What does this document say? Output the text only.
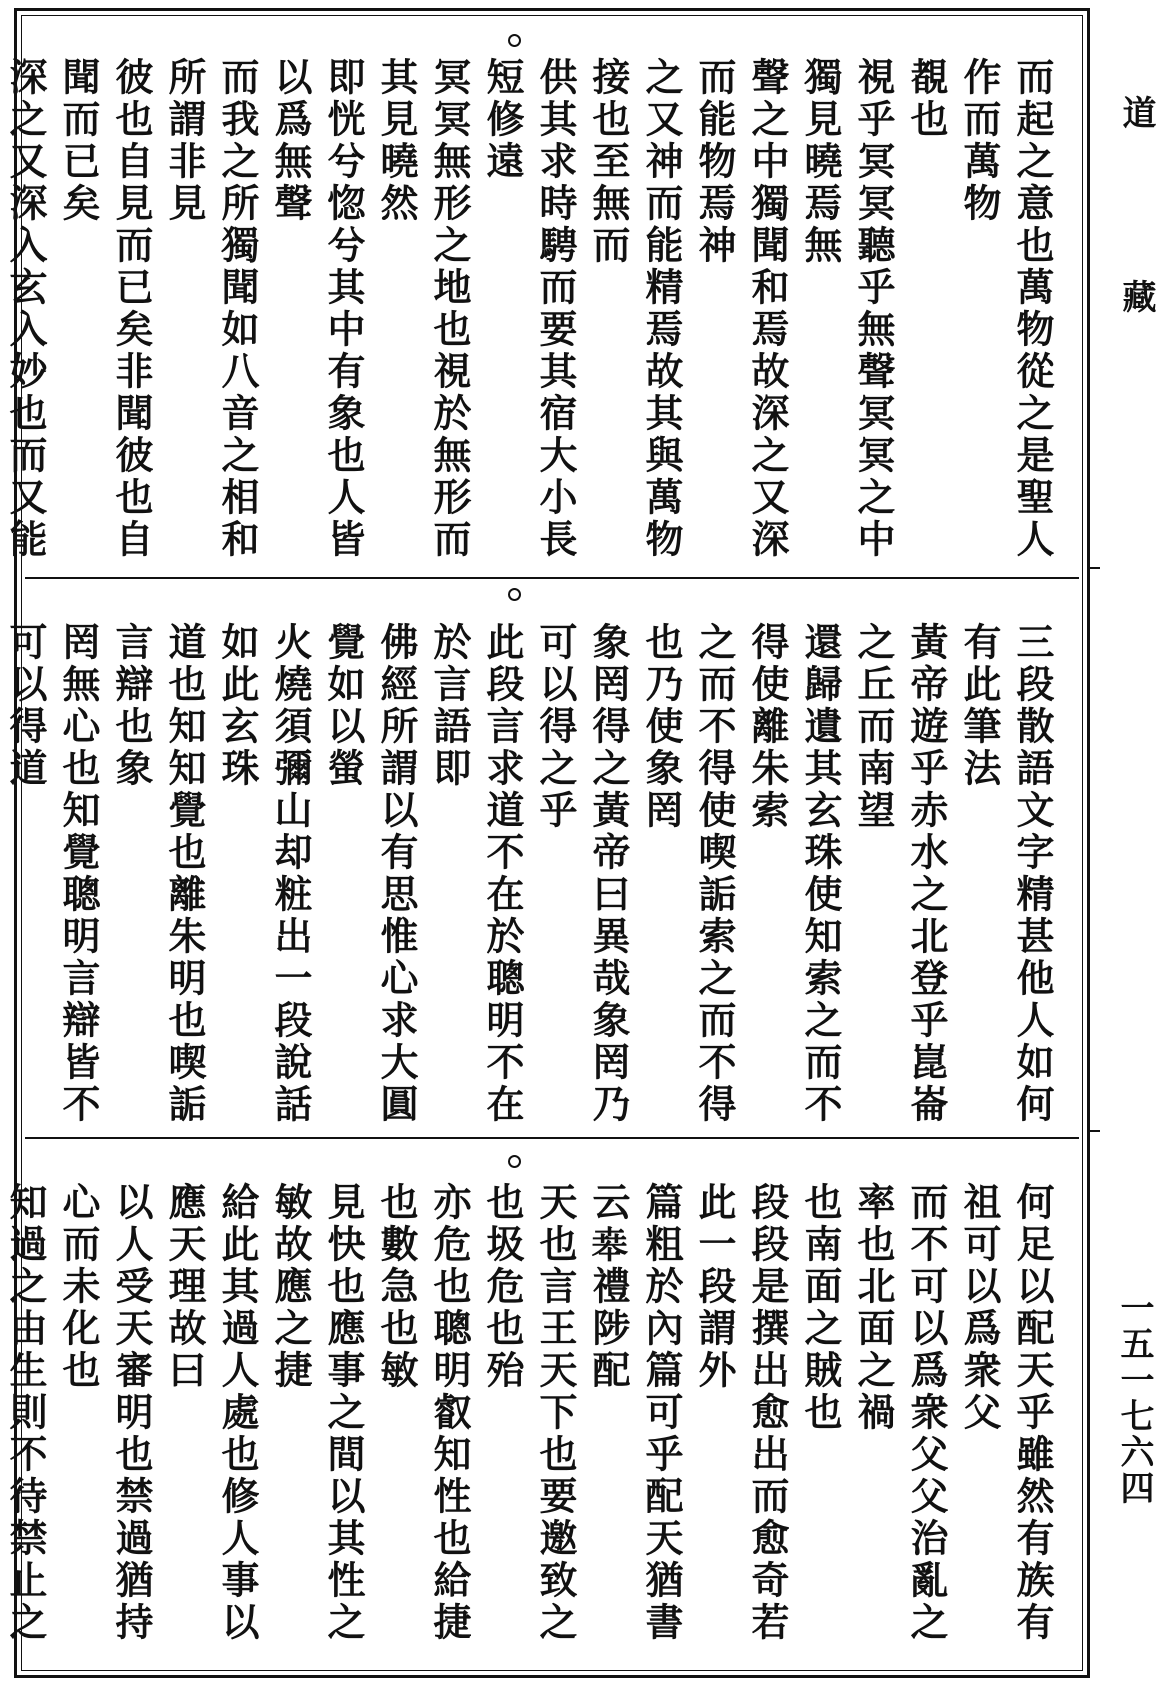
而起之意也萬物從之是聖人作而萬物
覩也
視乎冥冥聽乎無聲冥冥之中獨見曉焉無
聲之中獨聞和焉故深之又深而能物焉神
之又神而能精焉故其與萬物接也至無而
供其求時騁而要其宿大小長短修遠
冥冥無形之地也視於無形而其見曉然
即恍兮惚兮其中有象也人皆以爲無聲
而我之所獨聞如八音之相和所謂非見
彼也自見而已矣非聞彼也自聞而已矣
深之又深入玄入妙也而又能

三段散語文字精甚他人如何有此筆法
黃帝遊乎赤水之北登乎崑崙之丘而南望
還歸遺其玄珠使知索之而不得使離朱索
之而不得使喫詬索之而不得也乃使象罔
象罔得之黃帝曰異哉象罔乃可以得之乎
此段言求道不在於聰明不在於言語即
佛經所謂以有思惟心求大圓覺如以螢
火燒須彌山却粧出一段說話如此玄珠
道也知知覺也離朱明也喫詬言辯也象
罔無心也知覺聰明言辯皆不可以得道

何足以配天乎雖然有族有祖可以爲衆父
而不可以爲衆父父治亂之率也北面之禍
也南面之賊也
段段是撰出愈出而愈奇若此一段謂外
篇粗於內篇可乎配天猶書云𠦪禮陟配
天也言王天下也要邀致之也圾危也殆
亦危也聰明叡知性也給捷也數急也敏
見快也應事之間以其性之敏故應之捷
給此其過人處也修人事以應天理故曰
以人受天審明也禁過猶持心而未化也
知過之由生則不待禁止之

道藏
一五一七六四
